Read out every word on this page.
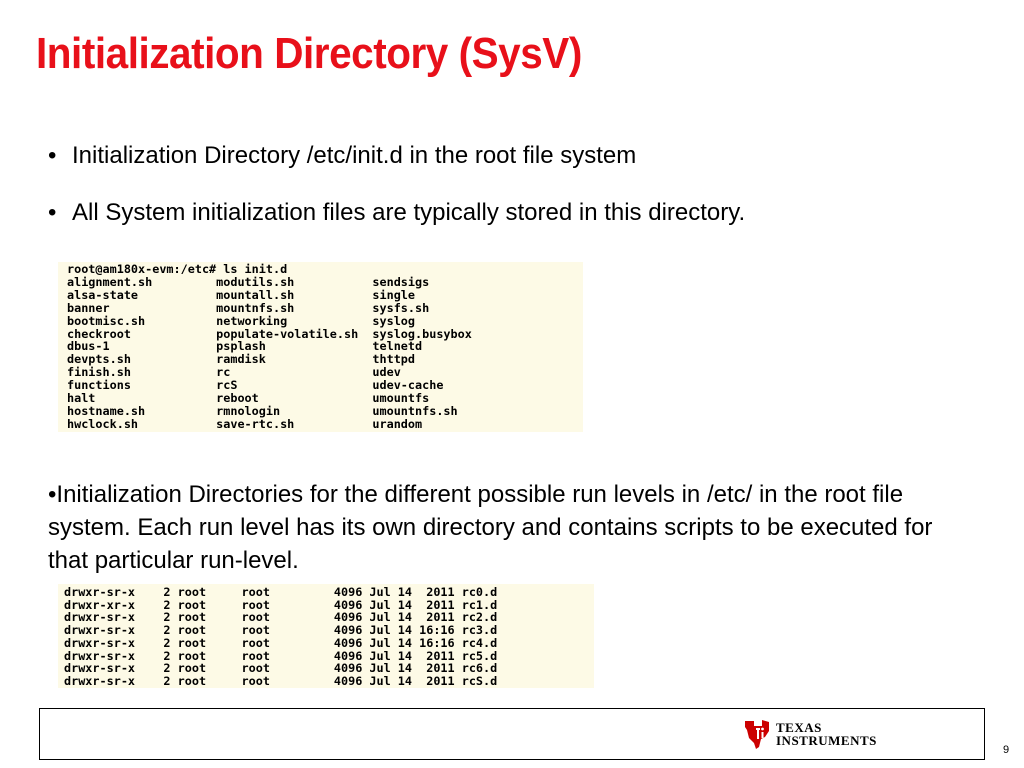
Initialization Directory (SysV)
• Initialization Directory /etc/init.d in the root file system
• All System initialization files are typically stored in this directory.
root@am180x-evm:/etc# ls init.d
alignment.sh         modutils.sh           sendsigs
alsa-state           mountall.sh           single
banner               mountnfs.sh           sysfs.sh
bootmisc.sh          networking            syslog
checkroot            populate-volatile.sh  syslog.busybox
dbus-1               psplash               telnetd
devpts.sh            ramdisk               thttpd
finish.sh            rc                    udev
functions            rcS                   udev-cache
halt                 reboot                umountfs
hostname.sh          rmnologin             umountnfs.sh
hwclock.sh           save-rtc.sh           urandom
•Initialization Directories for the different possible run levels in /etc/ in the root file system. Each run level has its own directory and contains scripts to be executed for that particular run-level.
drwxr-sr-x    2 root     root         4096 Jul 14  2011 rc0.d
drwxr-xr-x    2 root     root         4096 Jul 14  2011 rc1.d
drwxr-sr-x    2 root     root         4096 Jul 14  2011 rc2.d
drwxr-sr-x    2 root     root         4096 Jul 14 16:16 rc3.d
drwxr-sr-x    2 root     root         4096 Jul 14 16:16 rc4.d
drwxr-sr-x    2 root     root         4096 Jul 14  2011 rc5.d
drwxr-sr-x    2 root     root         4096 Jul 14  2011 rc6.d
drwxr-sr-x    2 root     root         4096 Jul 14  2011 rcS.d
TEXAS
INSTRUMENTS
9
